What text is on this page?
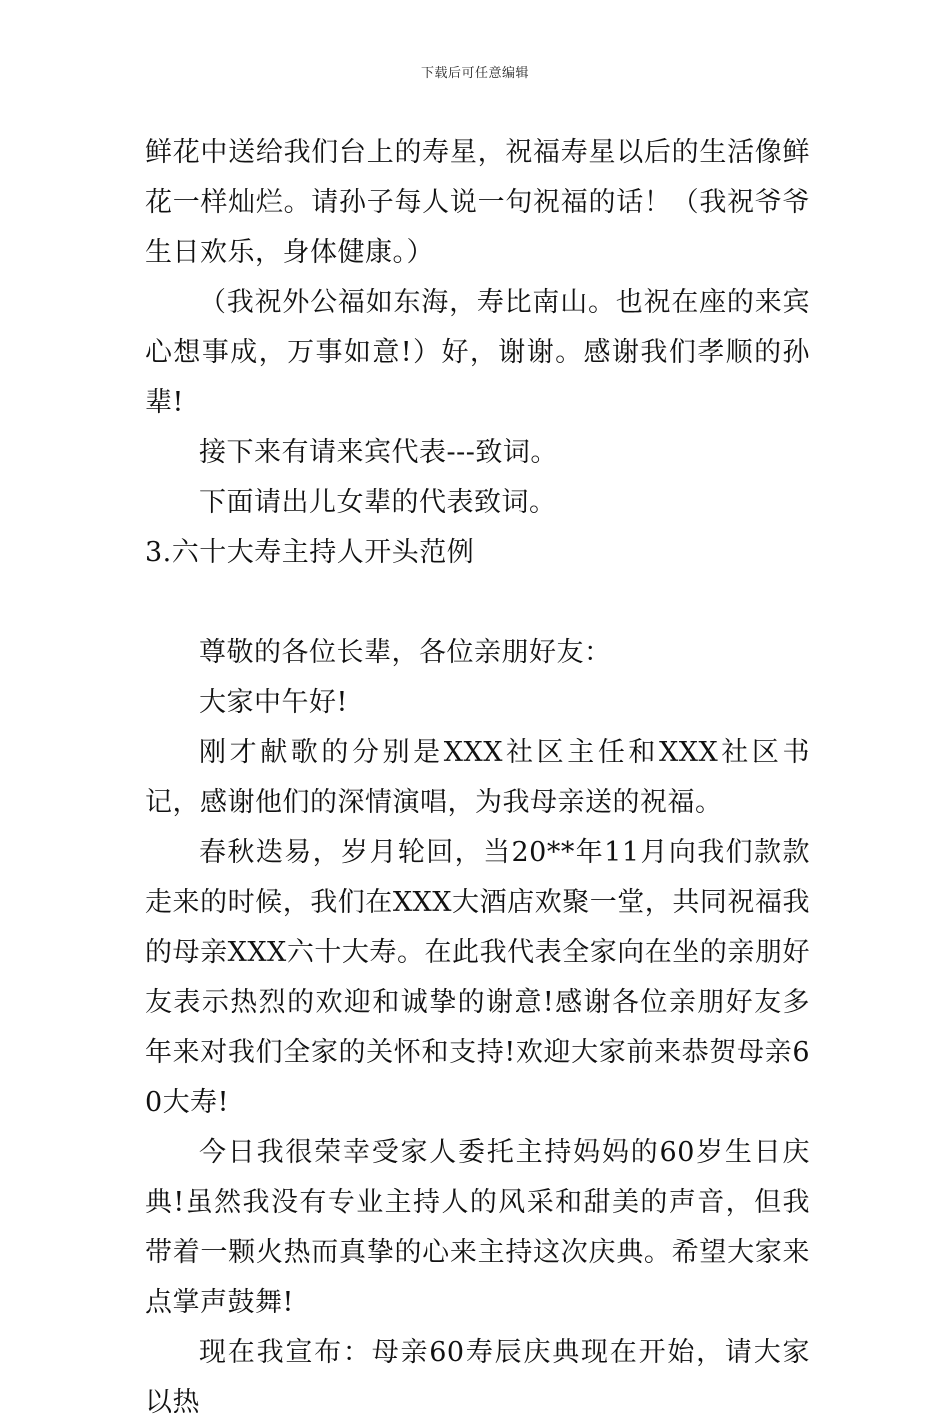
下载后可任意编辑

鲜花中送给我们台上的寿星，祝福寿星以后的生活像鲜花一样灿烂。请孙子每人说一句祝福的话！（我祝爷爷生日欢乐，身体健康。）

（我祝外公福如东海，寿比南山。也祝在座的来宾心想事成，万事如意!）好，谢谢。感谢我们孝顺的孙辈!

接下来有请来宾代表---致词。

下面请出儿女辈的代表致词。

3.六十大寿主持人开头范例

尊敬的各位长辈，各位亲朋好友：

大家中午好!

刚才献歌的分别是XXX社区主任和XXX社区书记，感谢他们的深情演唱，为我母亲送的祝福。

春秋迭易，岁月轮回，当20**年11月向我们款款走来的时候，我们在XXX大酒店欢聚一堂，共同祝福我的母亲XXX六十大寿。在此我代表全家向在坐的亲朋好友表示热烈的欢迎和诚挚的谢意!感谢各位亲朋好友多年来对我们全家的关怀和支持!欢迎大家前来恭贺母亲60大寿!

今日我很荣幸受家人委托主持妈妈的60岁生日庆典!虽然我没有专业主持人的风采和甜美的声音，但我带着一颗火热而真挚的心来主持这次庆典。希望大家来点掌声鼓舞!

现在我宣布：母亲60寿辰庆典现在开始，请大家以热
